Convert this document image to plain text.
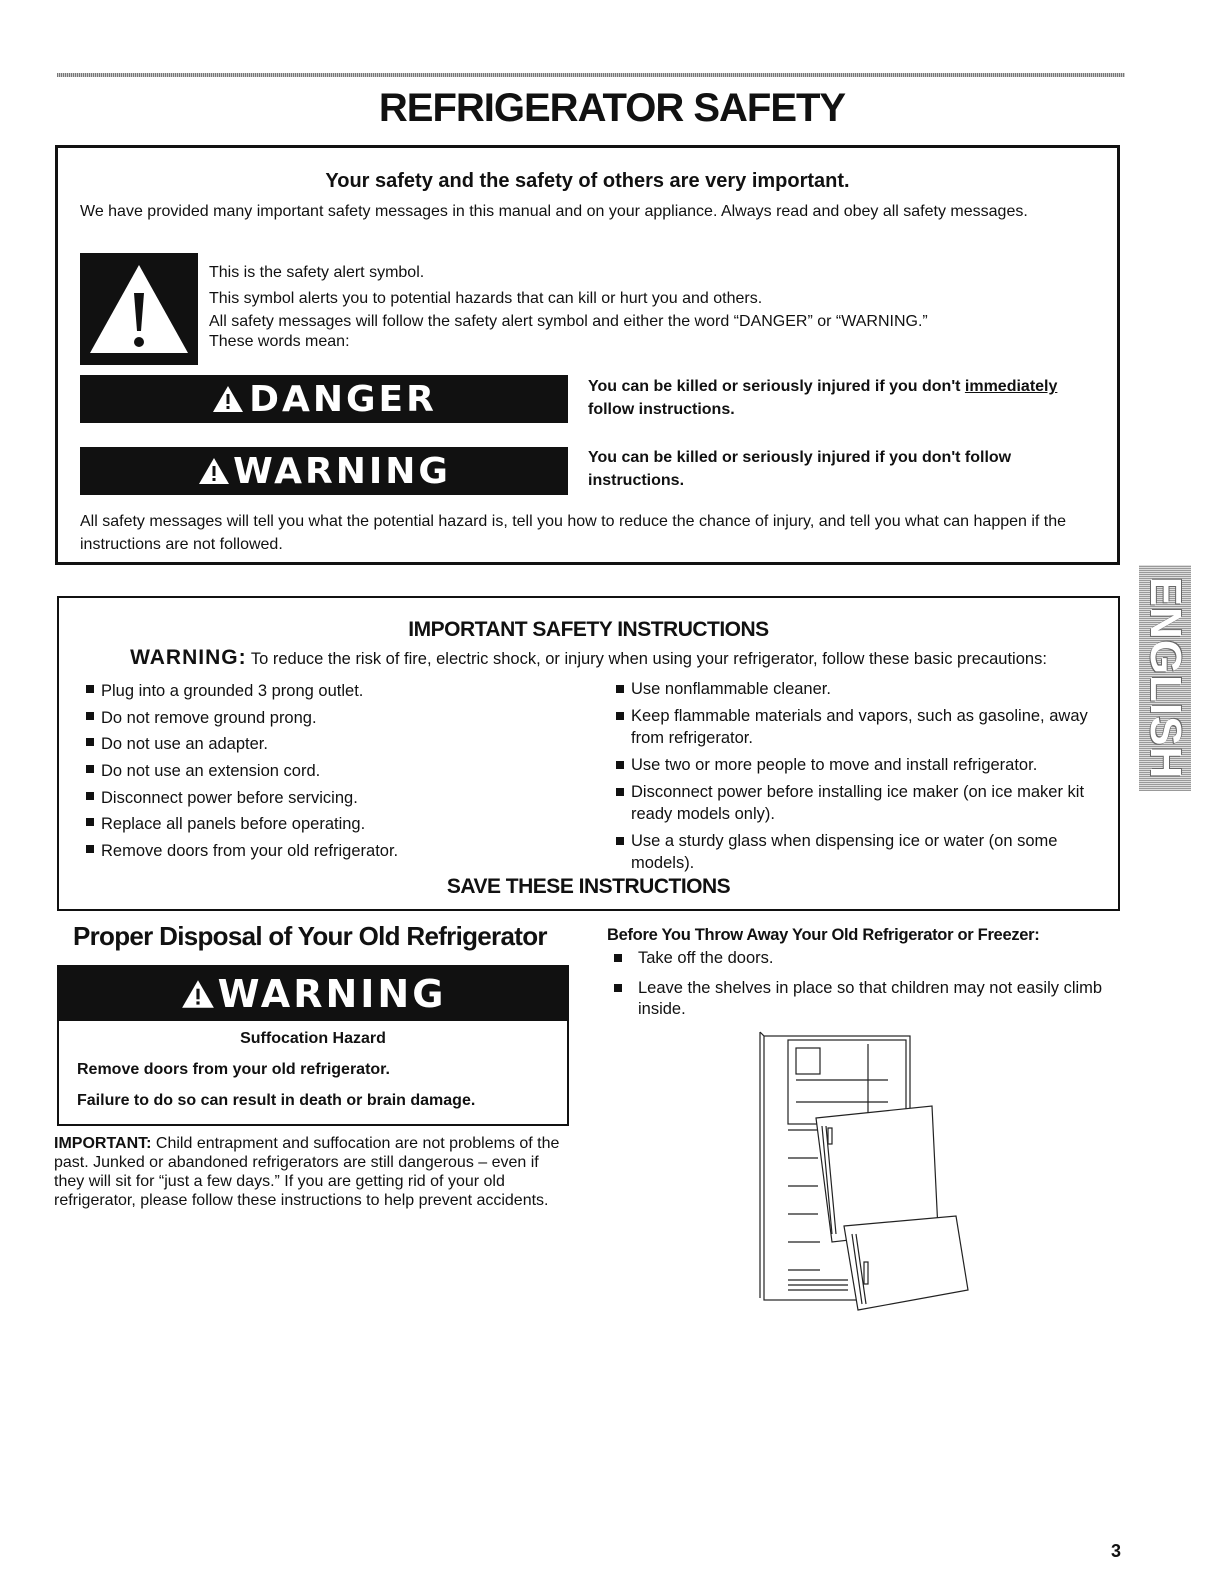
REFRIGERATOR SAFETY
Your safety and the safety of others are very important.
We have provided many important safety messages in this manual and on your appliance. Always read and obey all safety messages.
This is the safety alert symbol.
This symbol alerts you to potential hazards that can kill or hurt you and others.
All safety messages will follow the safety alert symbol and either the word “DANGER” or “WARNING.”
These words mean:
DANGER	You can be killed or seriously injured if you don't immediately follow instructions.
WARNING	You can be killed or seriously injured if you don't follow instructions.
All safety messages will tell you what the potential hazard is, tell you how to reduce the chance of injury, and tell you what can happen if the instructions are not followed.
IMPORTANT SAFETY INSTRUCTIONS
WARNING: To reduce the risk of fire, electric shock, or injury when using your refrigerator, follow these basic precautions:
Plug into a grounded 3 prong outlet.
Do not remove ground prong.
Do not use an adapter.
Do not use an extension cord.
Disconnect power before servicing.
Replace all panels before operating.
Remove doors from your old refrigerator.
Use nonflammable cleaner.
Keep flammable materials and vapors, such as gasoline, away from refrigerator.
Use two or more people to move and install refrigerator.
Disconnect power before installing ice maker (on ice maker kit ready models only).
Use a sturdy glass when dispensing ice or water (on some models).
SAVE THESE INSTRUCTIONS
Proper Disposal of Your Old Refrigerator
WARNING
Suffocation Hazard
Remove doors from your old refrigerator.
Failure to do so can result in death or brain damage.

IMPORTANT: Child entrapment and suffocation are not problems of the past. Junked or abandoned refrigerators are still dangerous – even if they will sit for “just a few days.” If you are getting rid of your old refrigerator, please follow these instructions to help prevent accidents.

Before You Throw Away Your Old Refrigerator or Freezer:
Take off the doors.
Leave the shelves in place so that children may not easily climb inside.
ENGLISH
3
